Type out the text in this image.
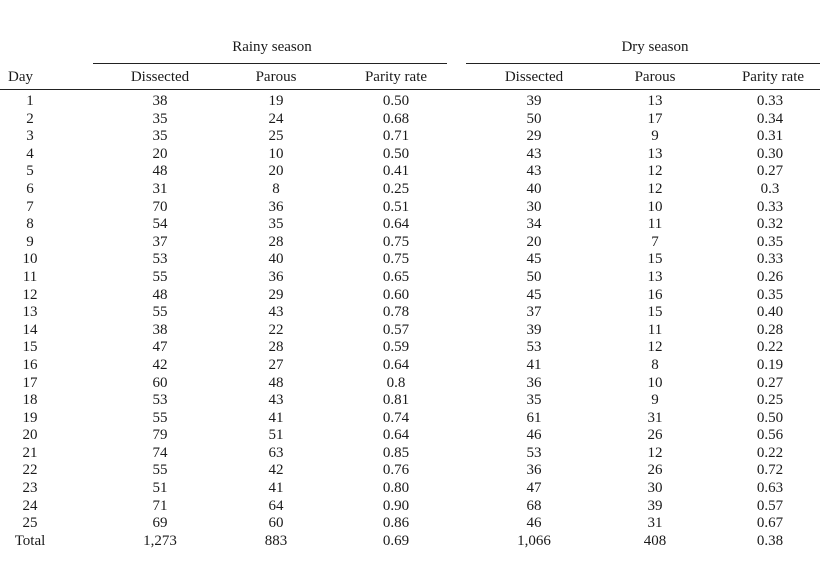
Rainy season	Dry season
Day	Dissected	Parous	Parity rate	Dissected	Parous	Parity rate
1	38	19	0.50	39	13	0.33
2	35	24	0.68	50	17	0.34
3	35	25	0.71	29	9	0.31
4	20	10	0.50	43	13	0.30
5	48	20	0.41	43	12	0.27
6	31	8	0.25	40	12	0.3
7	70	36	0.51	30	10	0.33
8	54	35	0.64	34	11	0.32
9	37	28	0.75	20	7	0.35
10	53	40	0.75	45	15	0.33
11	55	36	0.65	50	13	0.26
12	48	29	0.60	45	16	0.35
13	55	43	0.78	37	15	0.40
14	38	22	0.57	39	11	0.28
15	47	28	0.59	53	12	0.22
16	42	27	0.64	41	8	0.19
17	60	48	0.8	36	10	0.27
18	53	43	0.81	35	9	0.25
19	55	41	0.74	61	31	0.50
20	79	51	0.64	46	26	0.56
21	74	63	0.85	53	12	0.22
22	55	42	0.76	36	26	0.72
23	51	41	0.80	47	30	0.63
24	71	64	0.90	68	39	0.57
25	69	60	0.86	46	31	0.67
Total	1,273	883	0.69	1,066	408	0.38
